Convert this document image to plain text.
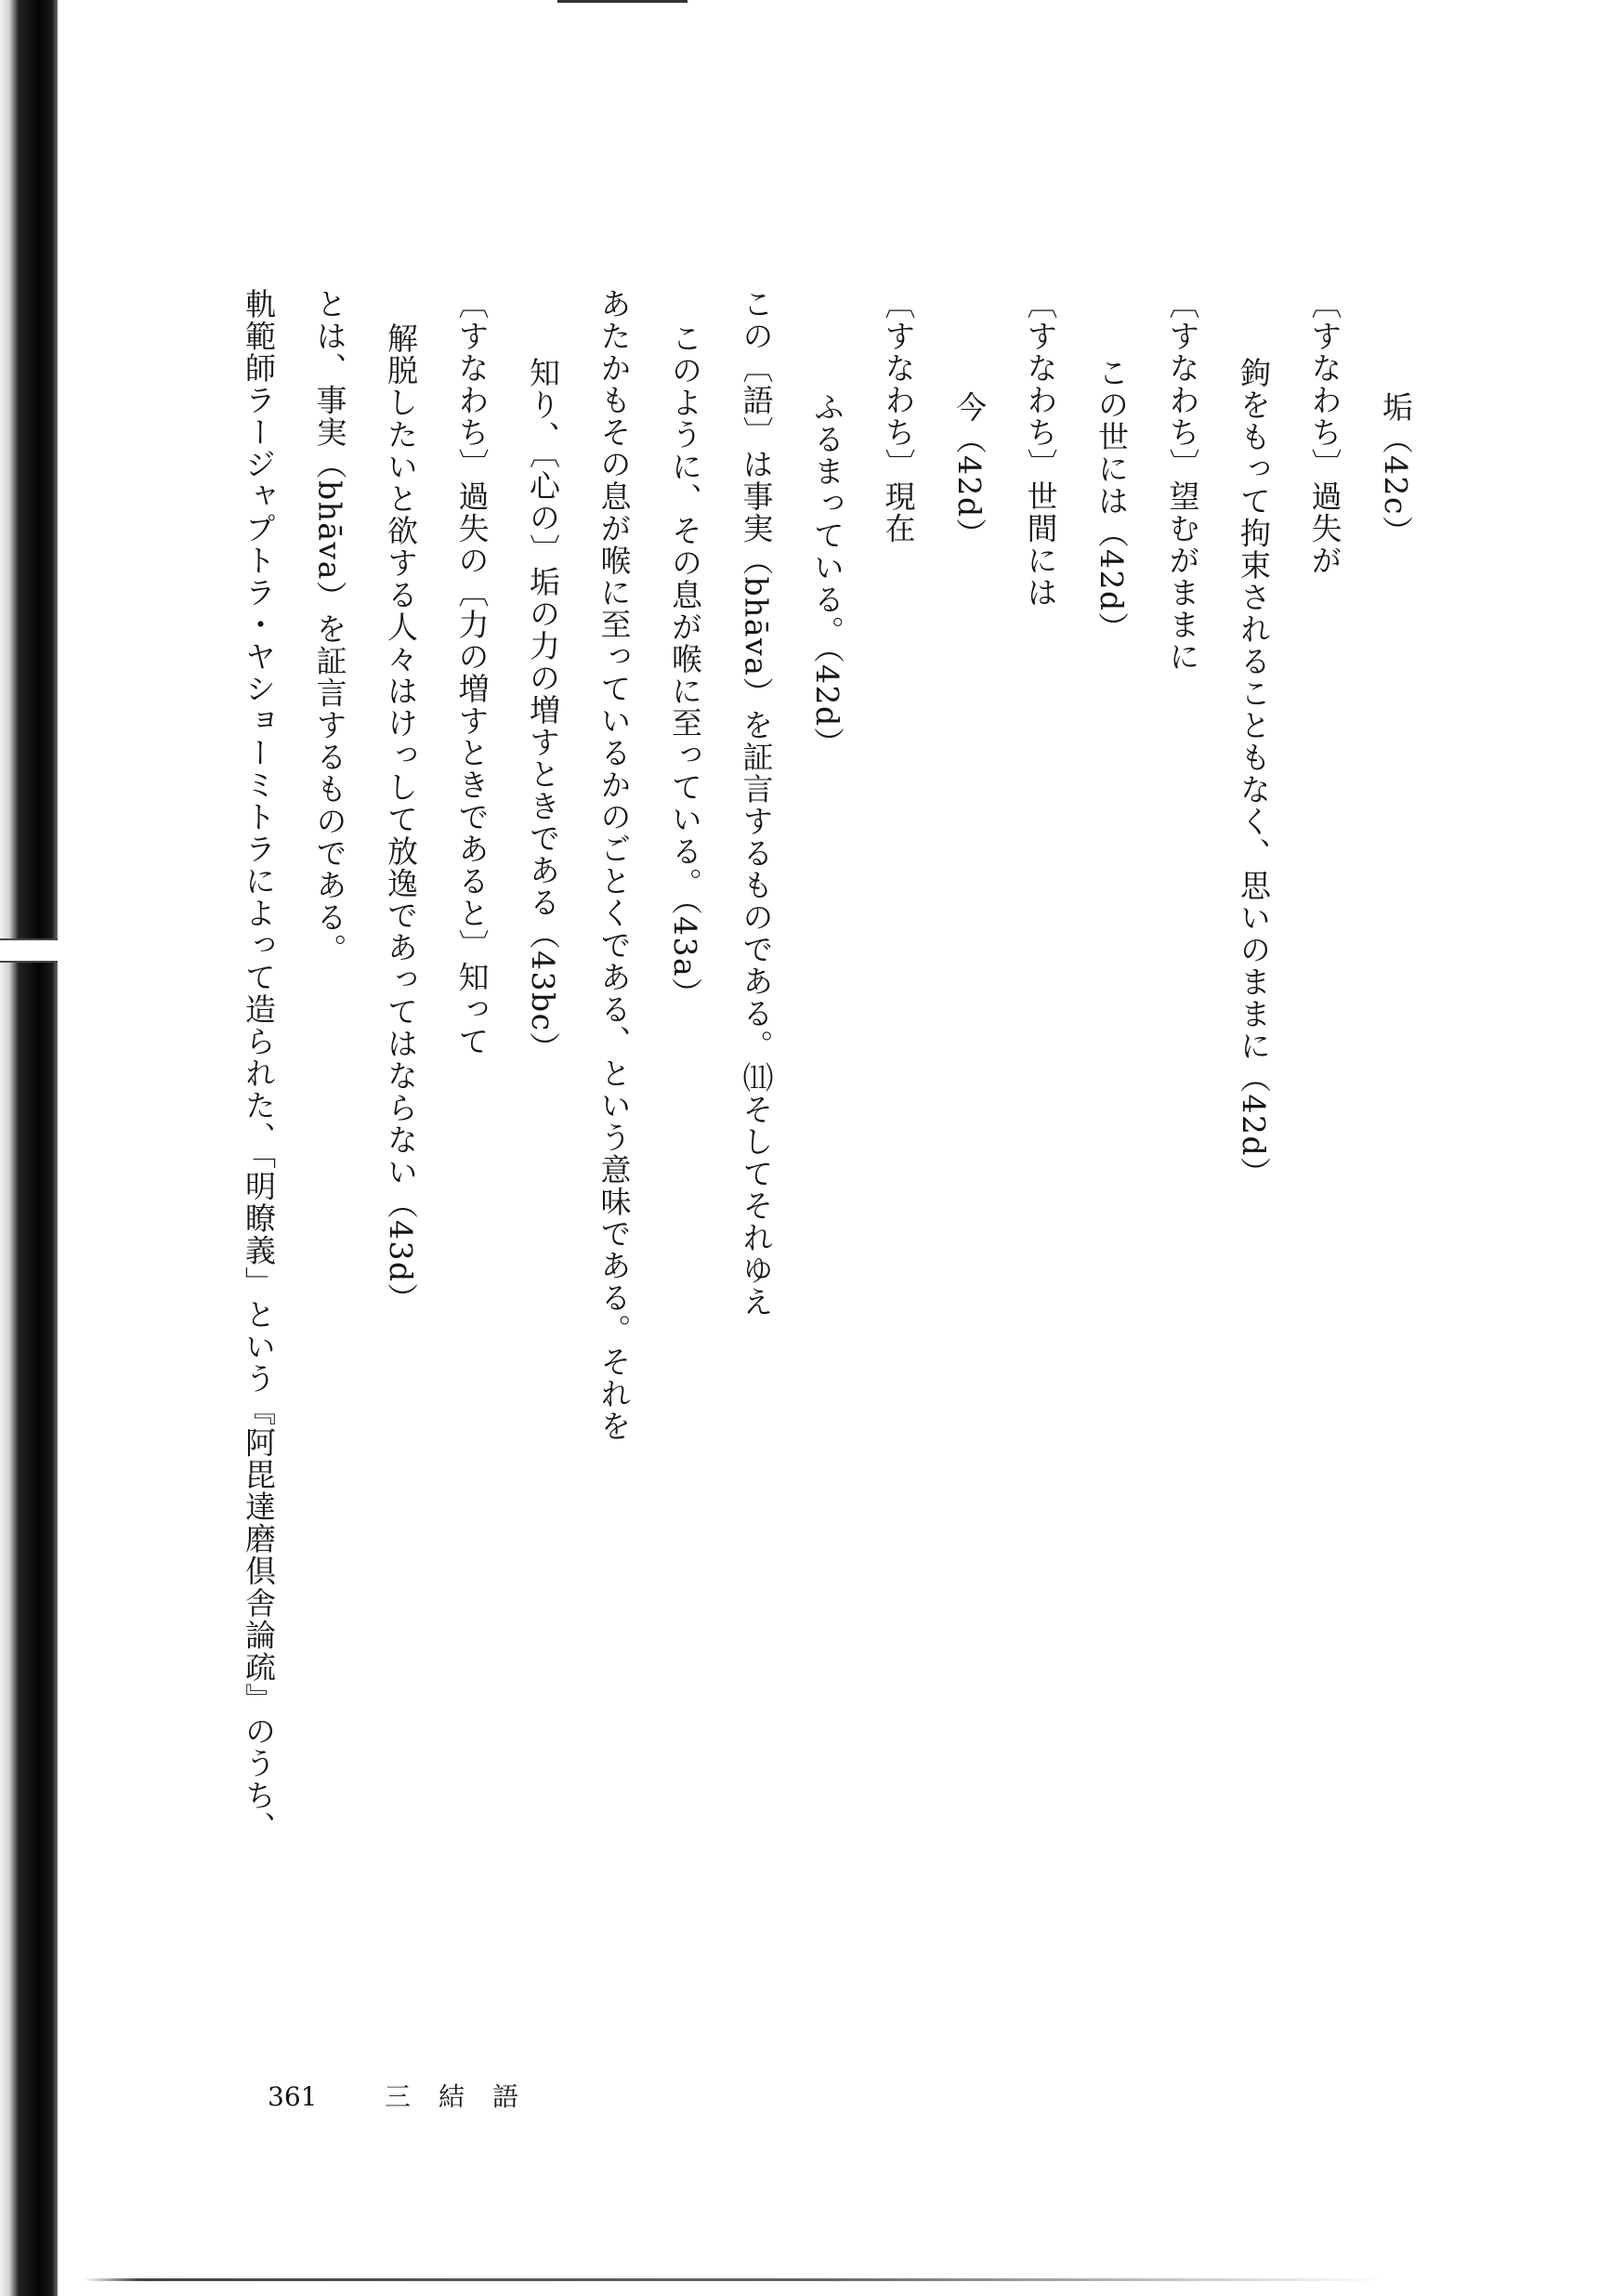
垢（42c）
〔すなわち〕過失が
鉤をもって拘束されることもなく、思いのままに（42d）
〔すなわち〕望むがままに
この世には（42d）
〔すなわち〕世間には
今（42d）
〔すなわち〕現在
ふるまっている。（42d）
この〔語〕は事実（bhāva）を証言するものである。⑾そしてそれゆえ
このように、その息が喉に至っている。（43a）
あたかもその息が喉に至っているかのごとくである、という意味である。それを
知り、〔心の〕垢の力の増すときである（43bc）
〔すなわち〕過失の〔力の増すときであると〕知って
解脱したいと欲する人々はけっして放逸であってはならない（43d）
とは、事実（bhāva）を証言するものである。
軌範師ラージャプトラ・ヤショーミトラによって造られた、「明瞭義」という『阿毘達磨倶舎論疏』のうち、
361	三結語
